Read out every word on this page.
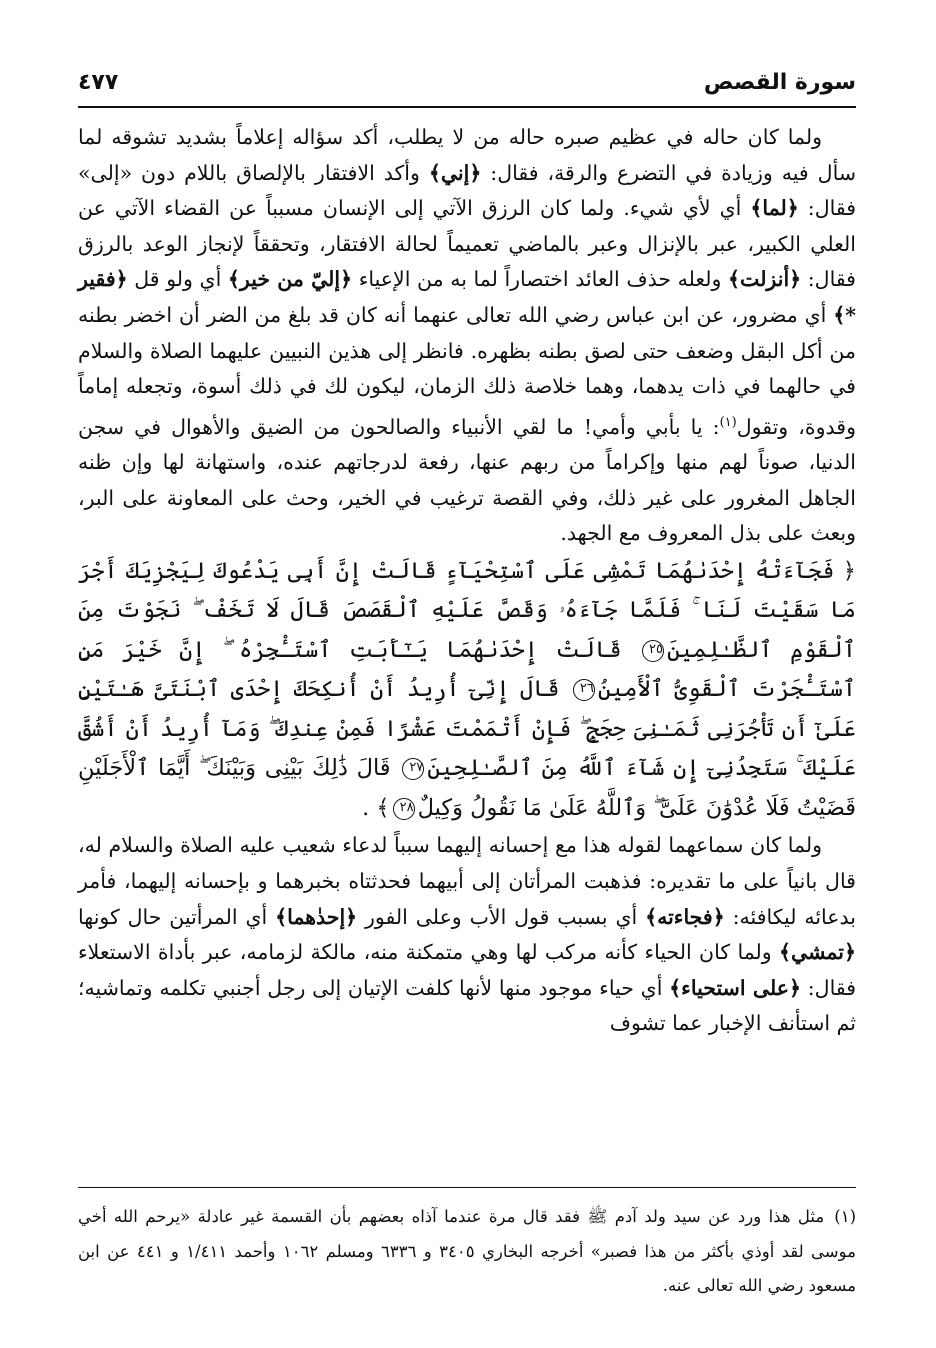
سورة القصص
٤٧٧

ولما كان حاله في عظيم صبره حاله من لا يطلب، أكد سؤاله إعلاماً بشديد تشوقه لما سأل فيه وزيادة في التضرع والرقة، فقال: ﴿إني﴾ وأكد الافتقار بالإلصاق باللام دون «إلى» فقال: ﴿لما﴾ أي لأي شيء. ولما كان الرزق الآتي إلى الإنسان مسبباً عن القضاء الآتي عن العلي الكبير، عبر بالإنزال وعبر بالماضي تعميماً لحالة الافتقار، وتحققاً لإنجاز الوعد بالرزق فقال: ﴿أنزلت﴾ ولعله حذف العائد اختصاراً لما به من الإعياء ﴿إليّ من خير﴾ أي ولو قل ﴿فقير *﴾ أي مضرور، عن ابن عباس رضي الله تعالى عنهما أنه كان قد بلغ من الضر أن اخضر بطنه من أكل البقل وضعف حتى لصق بطنه بظهره. فانظر إلى هذين النبيين عليهما الصلاة والسلام في حالهما في ذات يدهما، وهما خلاصة ذلك الزمان، ليكون لك في ذلك أسوة، وتجعله إماماً وقدوة، وتقول$^{(١)}$: يا بأبي وأمي! ما لقي الأنبياء والصالحون من الضيق والأهوال في سجن الدنيا، صوناً لهم منها وإكراماً من ربهم عنها، رفعة لدرجاتهم عنده، واستهانة لها وإن ظنه الجاهل المغرور على غير ذلك، وفي القصة ترغيب في الخير، وحث على المعاونة على البر، وبعث على بذل المعروف مع الجهد.

﴿ فَجَآءَتْهُ إِحْدَىٰهُمَا تَمْشِى عَلَى ٱسْتِحْيَآءٍ قَالَتْ إِنَّ أَبِى يَدْعُوكَ لِيَجْزِيَكَ أَجْرَ مَا سَقَيْتَ لَنَا ۚ فَلَمَّا جَآءَهُۥ وَقَصَّ عَلَيْهِ ٱلْقَصَصَ قَالَ لَا تَخَفْ ۖ نَجَوْتَ مِنَ ٱلْقَوْمِ ٱلظَّـٰلِمِينَ٢٥ قَالَتْ إِحْدَىٰهُمَا يَـٰٓأَبَتِ ٱسْتَـْٔجِرْهُ ۖ إِنَّ خَيْرَ مَنِ ٱسْتَـْٔجَرْتَ ٱلْقَوِىُّ ٱلْأَمِينُ٢٦ قَالَ إِنِّىٓ أُرِيدُ أَنْ أُنكِحَكَ إِحْدَى ٱبْنَتَىَّ هَـٰتَيْنِ عَلَىٰٓ أَن تَأْجُرَنِى ثَمَـٰنِىَ حِجَجٍ ۖ فَإِنْ أَتْمَمْتَ عَشْرًا فَمِنْ عِندِكَ ۖ وَمَآ أُرِيدُ أَنْ أَشُقَّ عَلَيْكَ ۚ سَتَجِدُنِىٓ إِن شَآءَ ٱللَّهُ مِنَ ٱلصَّـٰلِحِينَ٢٧ قَالَ ذَٰلِكَ بَيْنِى وَبَيْنَكَ ۖ أَيَّمَا ٱلْأَجَلَيْنِ قَضَيْتُ فَلَا عُدْوَٰنَ عَلَىَّ ۖ وَٱللَّهُ عَلَىٰ مَا نَقُولُ وَكِيلٌ٢٨﴾ .

ولما كان سماعهما لقوله هذا مع إحسانه إليهما سبباً لدعاء شعيب عليه الصلاة والسلام له، قال بانياً على ما تقديره: فذهبت المرأتان إلى أبيهما فحدثتاه بخبرهما و بإحسانه إليهما، فأمر بدعائه ليكافئه: ﴿فجاءته﴾ أي بسبب قول الأب وعلى الفور ﴿إحدٰهما﴾ أي المرأتين حال كونها ﴿تمشي﴾ ولما كان الحياء كأنه مركب لها وهي متمكنة منه، مالكة لزمامه، عبر بأداة الاستعلاء فقال: ﴿على استحياء﴾ أي حياء موجود منها لأنها كلفت الإتيان إلى رجل أجنبي تكلمه وتماشيه؛ ثم استأنف الإخبار عما تشوف

(١)مثل هذا ورد عن سيد ولد آدم ﷺ فقد قال مرة عندما آذاه بعضهم بأن القسمة غير عادلة «يرحم الله أخي موسى لقد أوذي بأكثر من هذا فصبر» أخرجه البخاري ٣٤٠٥ و ٦٣٣٦ ومسلم ١٠٦٢ وأحمد ١/٤١١ و ٤٤١ عن ابن مسعود رضي الله تعالى عنه.
